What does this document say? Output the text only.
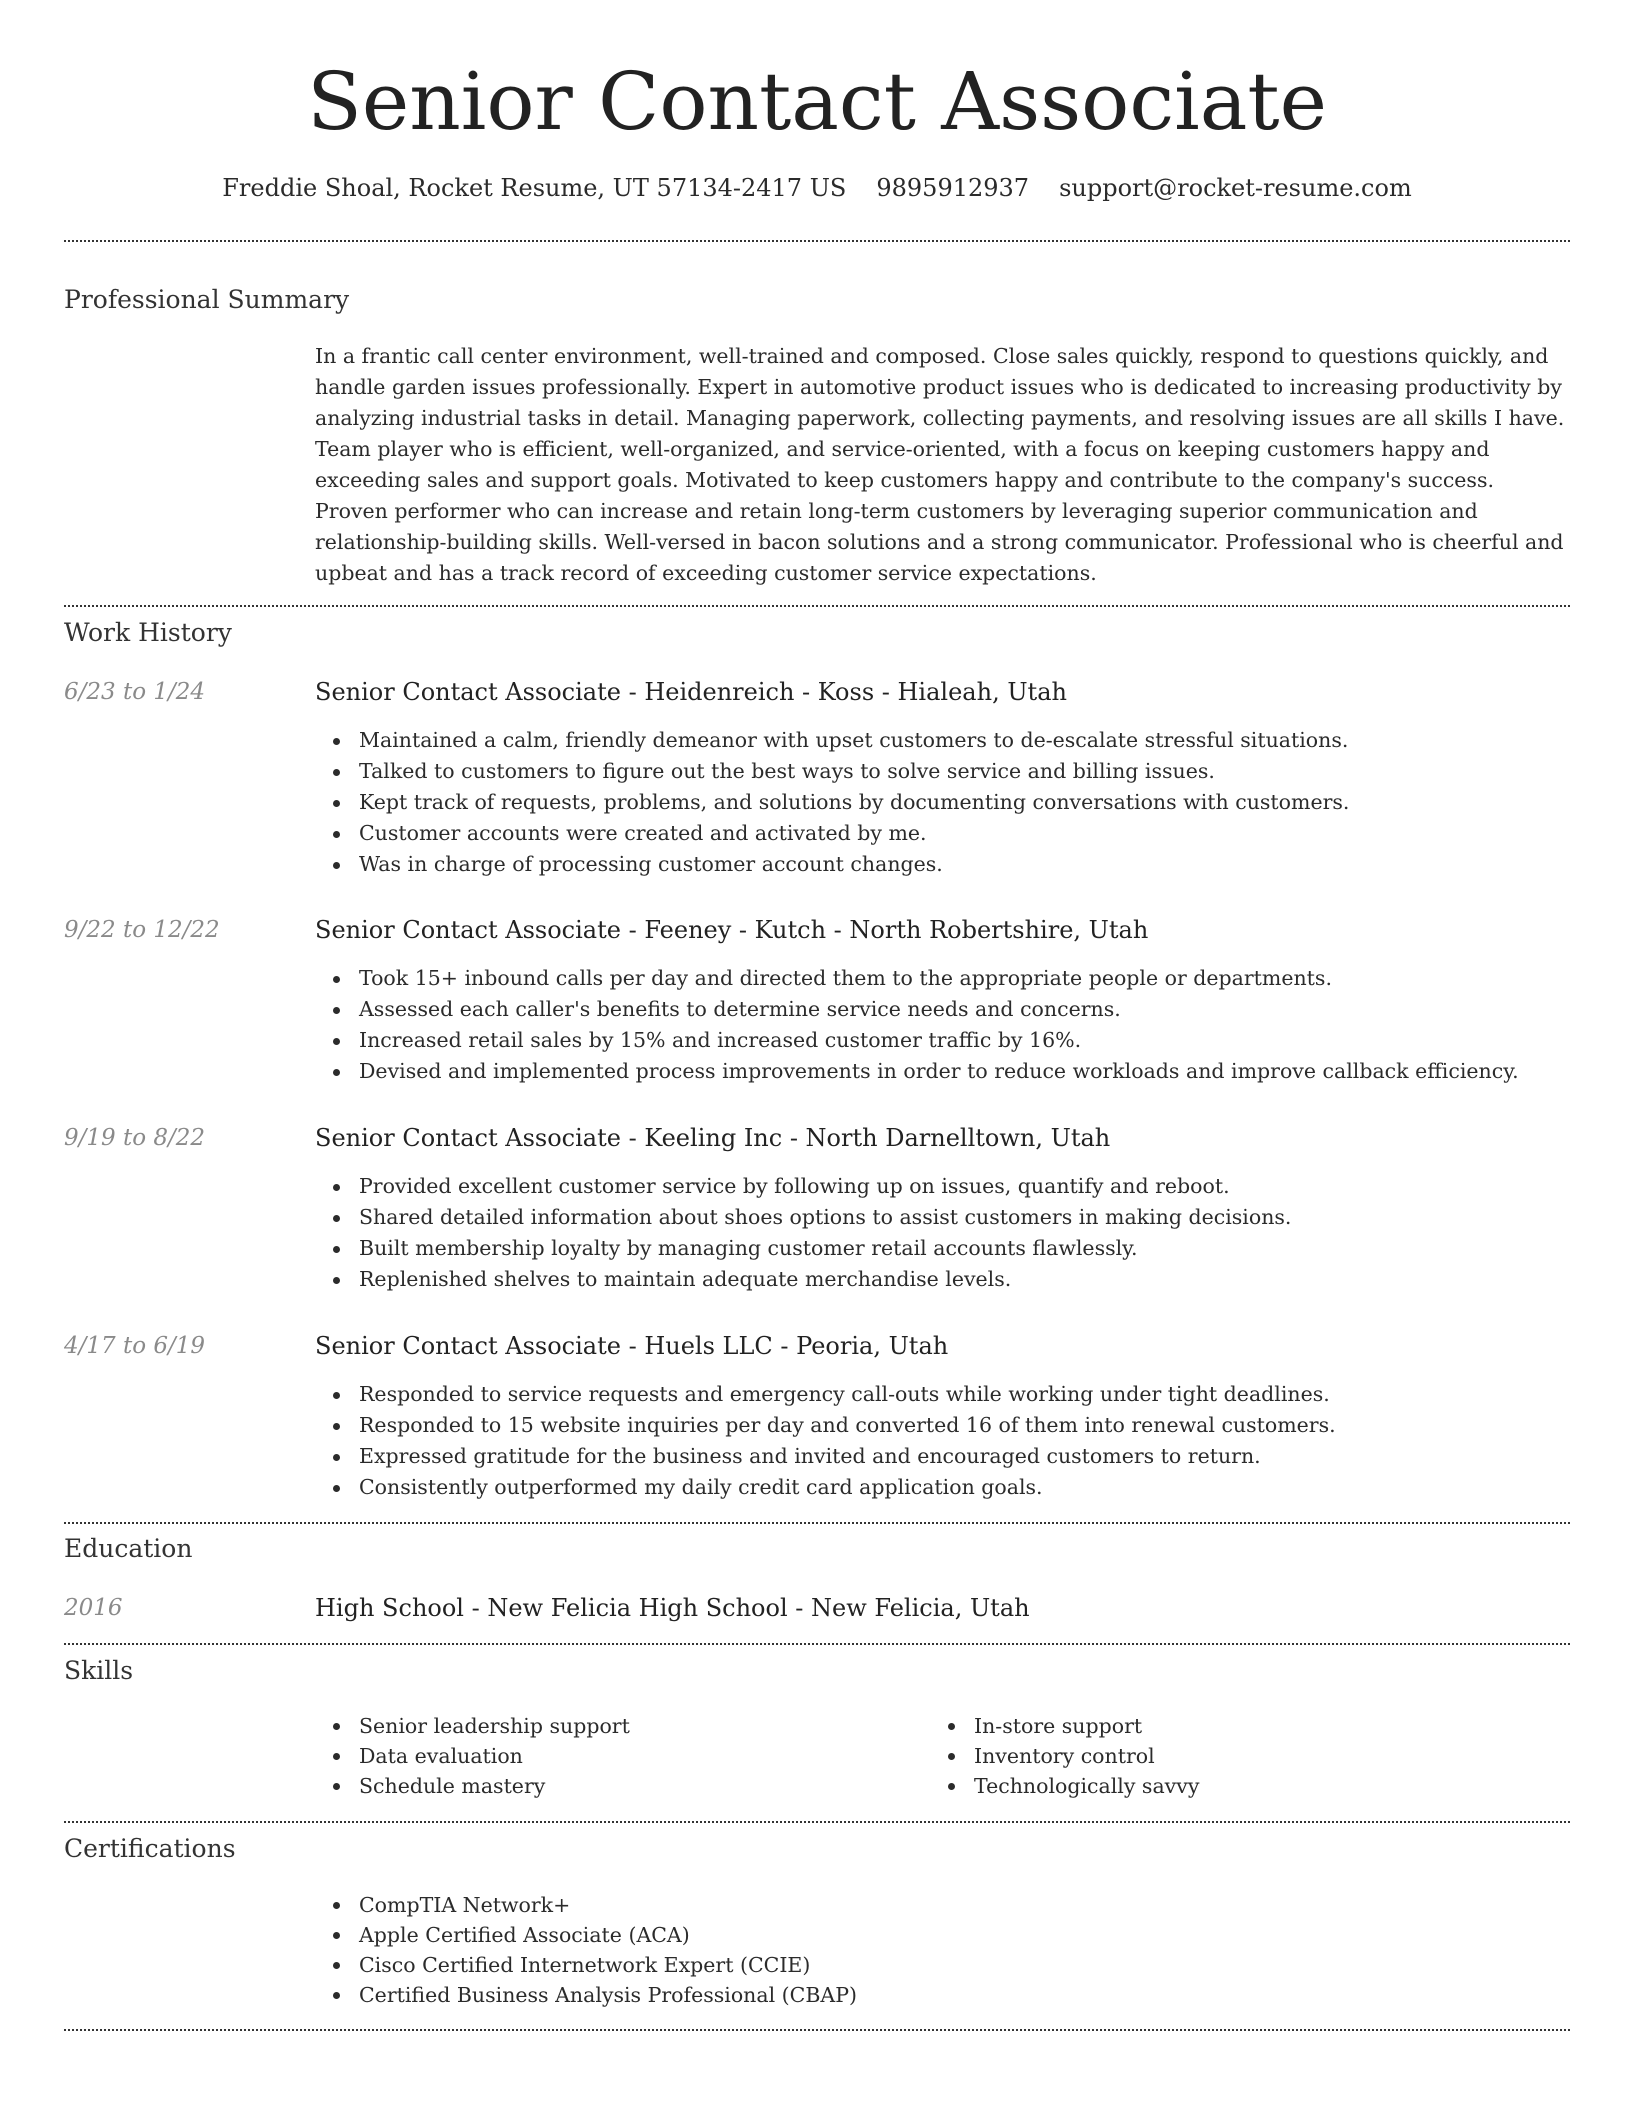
Senior Contact Associate
Freddie Shoal, Rocket Resume, UT 57134-2417 US 9895912937 support@rocket-resume.com
Professional Summary
In a frantic call center environment, well-trained and composed. Close sales quickly, respond to questions quickly, and handle garden issues professionally. Expert in automotive product issues who is dedicated to increasing productivity by analyzing industrial tasks in detail. Managing paperwork, collecting payments, and resolving issues are all skills I have. Team player who is efficient, well-organized, and service-oriented, with a focus on keeping customers happy and exceeding sales and support goals. Motivated to keep customers happy and contribute to the company's success. Proven performer who can increase and retain long-term customers by leveraging superior communication and relationship-building skills. Well-versed in bacon solutions and a strong communicator. Professional who is cheerful and upbeat and has a track record of exceeding customer service expectations.
Work History
6/23 to 1/24	Senior Contact Associate - Heidenreich - Koss - Hialeah, Utah
Maintained a calm, friendly demeanor with upset customers to de-escalate stressful situations.
Talked to customers to figure out the best ways to solve service and billing issues.
Kept track of requests, problems, and solutions by documenting conversations with customers.
Customer accounts were created and activated by me.
Was in charge of processing customer account changes.
9/22 to 12/22	Senior Contact Associate - Feeney - Kutch - North Robertshire, Utah
Took 15+ inbound calls per day and directed them to the appropriate people or departments.
Assessed each caller's benefits to determine service needs and concerns.
Increased retail sales by 15% and increased customer traffic by 16%.
Devised and implemented process improvements in order to reduce workloads and improve callback efficiency.
9/19 to 8/22	Senior Contact Associate - Keeling Inc - North Darnelltown, Utah
Provided excellent customer service by following up on issues, quantify and reboot.
Shared detailed information about shoes options to assist customers in making decisions.
Built membership loyalty by managing customer retail accounts flawlessly.
Replenished shelves to maintain adequate merchandise levels.
4/17 to 6/19	Senior Contact Associate - Huels LLC - Peoria, Utah
Responded to service requests and emergency call-outs while working under tight deadlines.
Responded to 15 website inquiries per day and converted 16 of them into renewal customers.
Expressed gratitude for the business and invited and encouraged customers to return.
Consistently outperformed my daily credit card application goals.
Education
2016	High School - New Felicia High School - New Felicia, Utah
Skills
Senior leadership support
Data evaluation
Schedule mastery
In-store support
Inventory control
Technologically savvy
Certifications
CompTIA Network+
Apple Certified Associate (ACA)
Cisco Certified Internetwork Expert (CCIE)
Certified Business Analysis Professional (CBAP)
